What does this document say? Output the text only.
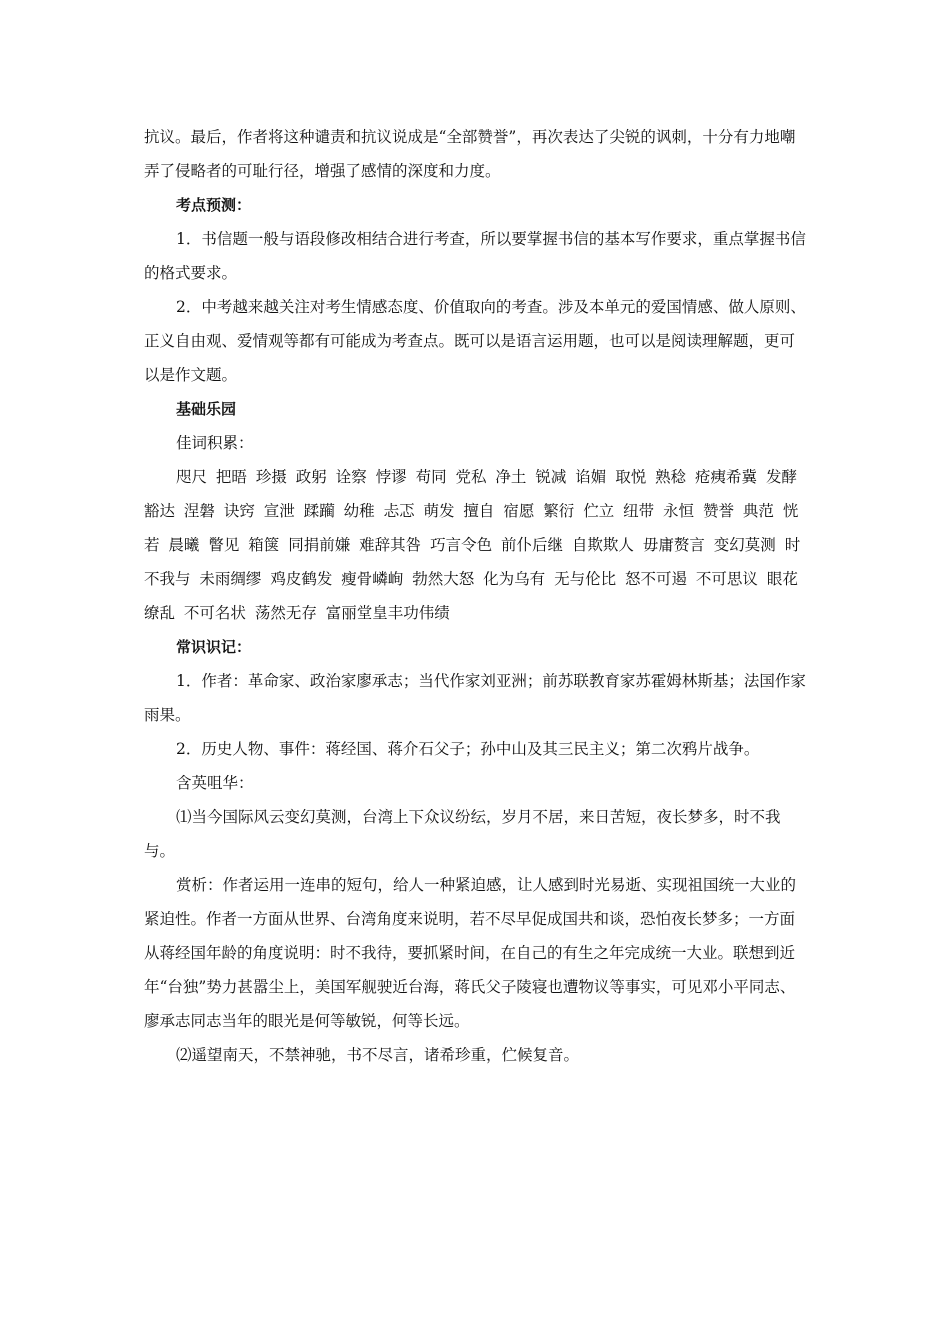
抗议。最后，作者将这种谴责和抗议说成是“全部赞誉”，再次表达了尖锐的讽刺，十分有力地嘲弄了侵略者的可耻行径，增强了感情的深度和力度。

考点预测：

1．书信题一般与语段修改相结合进行考查，所以要掌握书信的基本写作要求，重点掌握书信的格式要求。

2．中考越来越关注对考生情感态度、价值取向的考查。涉及本单元的爱国情感、做人原则、正义自由观、爱情观等都有可能成为考查点。既可以是语言运用题，也可以是阅读理解题，更可以是作文题。

基础乐园

佳词积累：

咫尺 把晤 珍摄 政躬 诠察 悖谬 苟同 党私 净土 锐减 谄媚 取悦 熟稔 疮痍希冀 发酵 豁达 涅磐 诀窍 宣泄 蹂躏 幼稚 忐忑 萌发 擅自 宿愿 繁衍 伫立 纽带 永恒 赞誉 典范 恍若 晨曦 瞥见 箱箧 同捐前嫌 难辞其咎 巧言令色 前仆后继 自欺欺人 毋庸赘言 变幻莫测 时不我与 未雨绸缪 鸡皮鹤发 瘦骨嶙峋 勃然大怒 化为乌有 无与伦比 怒不可遏 不可思议 眼花缭乱 不可名状 荡然无存 富丽堂皇丰功伟绩

常识识记：

1．作者：革命家、政治家廖承志；当代作家刘亚洲；前苏联教育家苏霍姆林斯基；法国作家雨果。

2．历史人物、事件：蒋经国、蒋介石父子；孙中山及其三民主义；第二次鸦片战争。

含英咀华：

⑴当今国际风云变幻莫测，台湾上下众议纷纭，岁月不居，来日苦短，夜长梦多，时不我与。

赏析：作者运用一连串的短句，给人一种紧迫感，让人感到时光易逝、实现祖国统一大业的紧迫性。作者一方面从世界、台湾角度来说明，若不尽早促成国共和谈，恐怕夜长梦多；一方面从蒋经国年龄的角度说明：时不我待，要抓紧时间，在自己的有生之年完成统一大业。联想到近年“台独”势力甚嚣尘上，美国军舰驶近台海，蒋氏父子陵寝也遭物议等事实，可见邓小平同志、廖承志同志当年的眼光是何等敏锐，何等长远。

⑵遥望南天，不禁神驰，书不尽言，诸希珍重，伫候复音。
